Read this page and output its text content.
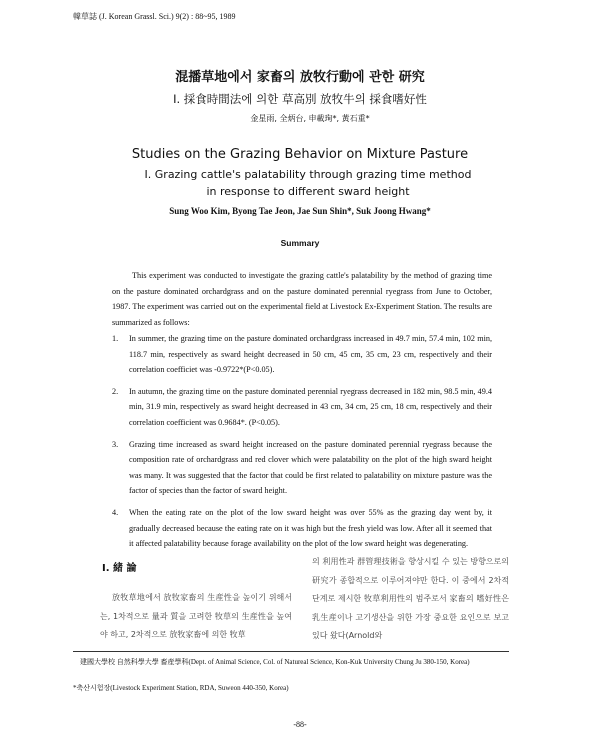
韓草誌 (J. Korean Grassl. Sci.) 9(2) : 88~95, 1989
混播草地에서 家畜의 放牧行動에 관한 研究
Ⅰ. 採食時間法에 의한 草高別 放牧牛의 採食嗜好性
金星雨, 全炳台, 申載珣*, 黃石重*
Studies on the Grazing Behavior on Mixture Pasture
Ⅰ. Grazing cattle's palatability through grazing time method
in response to different sward height
Sung Woo Kim, Byong Tae Jeon, Jae Sun Shin*, Suk Joong Hwang*
Summary
This experiment was conducted to investigate the grazing cattle's palatability by the method of grazing time on the pasture dominated orchardgrass and on the pasture dominated perennial ryegrass from June to October, 1987. The experiment was carried out on the experimental field at Livestock Ex-Experiment Station. The results are summarized as follows:
1. In summer, the grazing time on the pasture dominated orchardgrass increased in 49.7 min, 57.4 min, 102 min, 118.7 min, respectively as sward height decreased in 50 cm, 45 cm, 35 cm, 23 cm, respectively and their correlation coefficiet was -0.9722*(P<0.05).
2. In autumn, the grazing time on the pasture dominated perennial ryegrass decreased in 182 min, 98.5 min, 49.4 min, 31.9 min, respectively as sward height decreased in 43 cm, 34 cm, 25 cm, 18 cm, respectively and their correlation coefficient was 0.9684*. (P<0.05).
3. Grazing time increased as sward height increased on the pasture dominated perennial ryegrass because the composition rate of orchardgrass and red clover which were palatability on the plot of the high sward height was many. It was suggested that the factor that could be first related to palatability on mixture pasture was the factor of species than the factor of sward height.
4. When the eating rate on the plot of the low sward height was over 55% as the grazing day went by, it gradually decreased because the eating rate on it was high but the fresh yield was low. After all it seemed that it affected palatability because forage availability on the plot of the low sward height was degenerating.
Ⅰ. 緒 論
放牧草地에서 放牧家畜의 生産性을 높이기 위해서는, 1차적으로 量과 質을 고려한 牧草의 生産性을 높여야 하고, 2차적으로 放牧家畜에 의한 牧草
의 利用性과 群管理技術을 향상시킬 수 있는 방향으로의 研究가 종합적으로 이루어져야만 한다. 이 중에서 2차적 단계로 제시한 牧草利用性의 범주로서 家畜의 嗜好性은 乳生産이나 고기생산을 위한 가장 중요한 요인으로 보고있다 왔다(Arnold와
建國大學校 自然科學大學 畜産學科(Dept. of Animal Science, Col. of Natureal Science, Kon-Kuk University Chung Ju 380-150, Korea)
*축산시험장(Livestock Experiment Station, RDA, Suweon 440-350, Korea)
-88-
